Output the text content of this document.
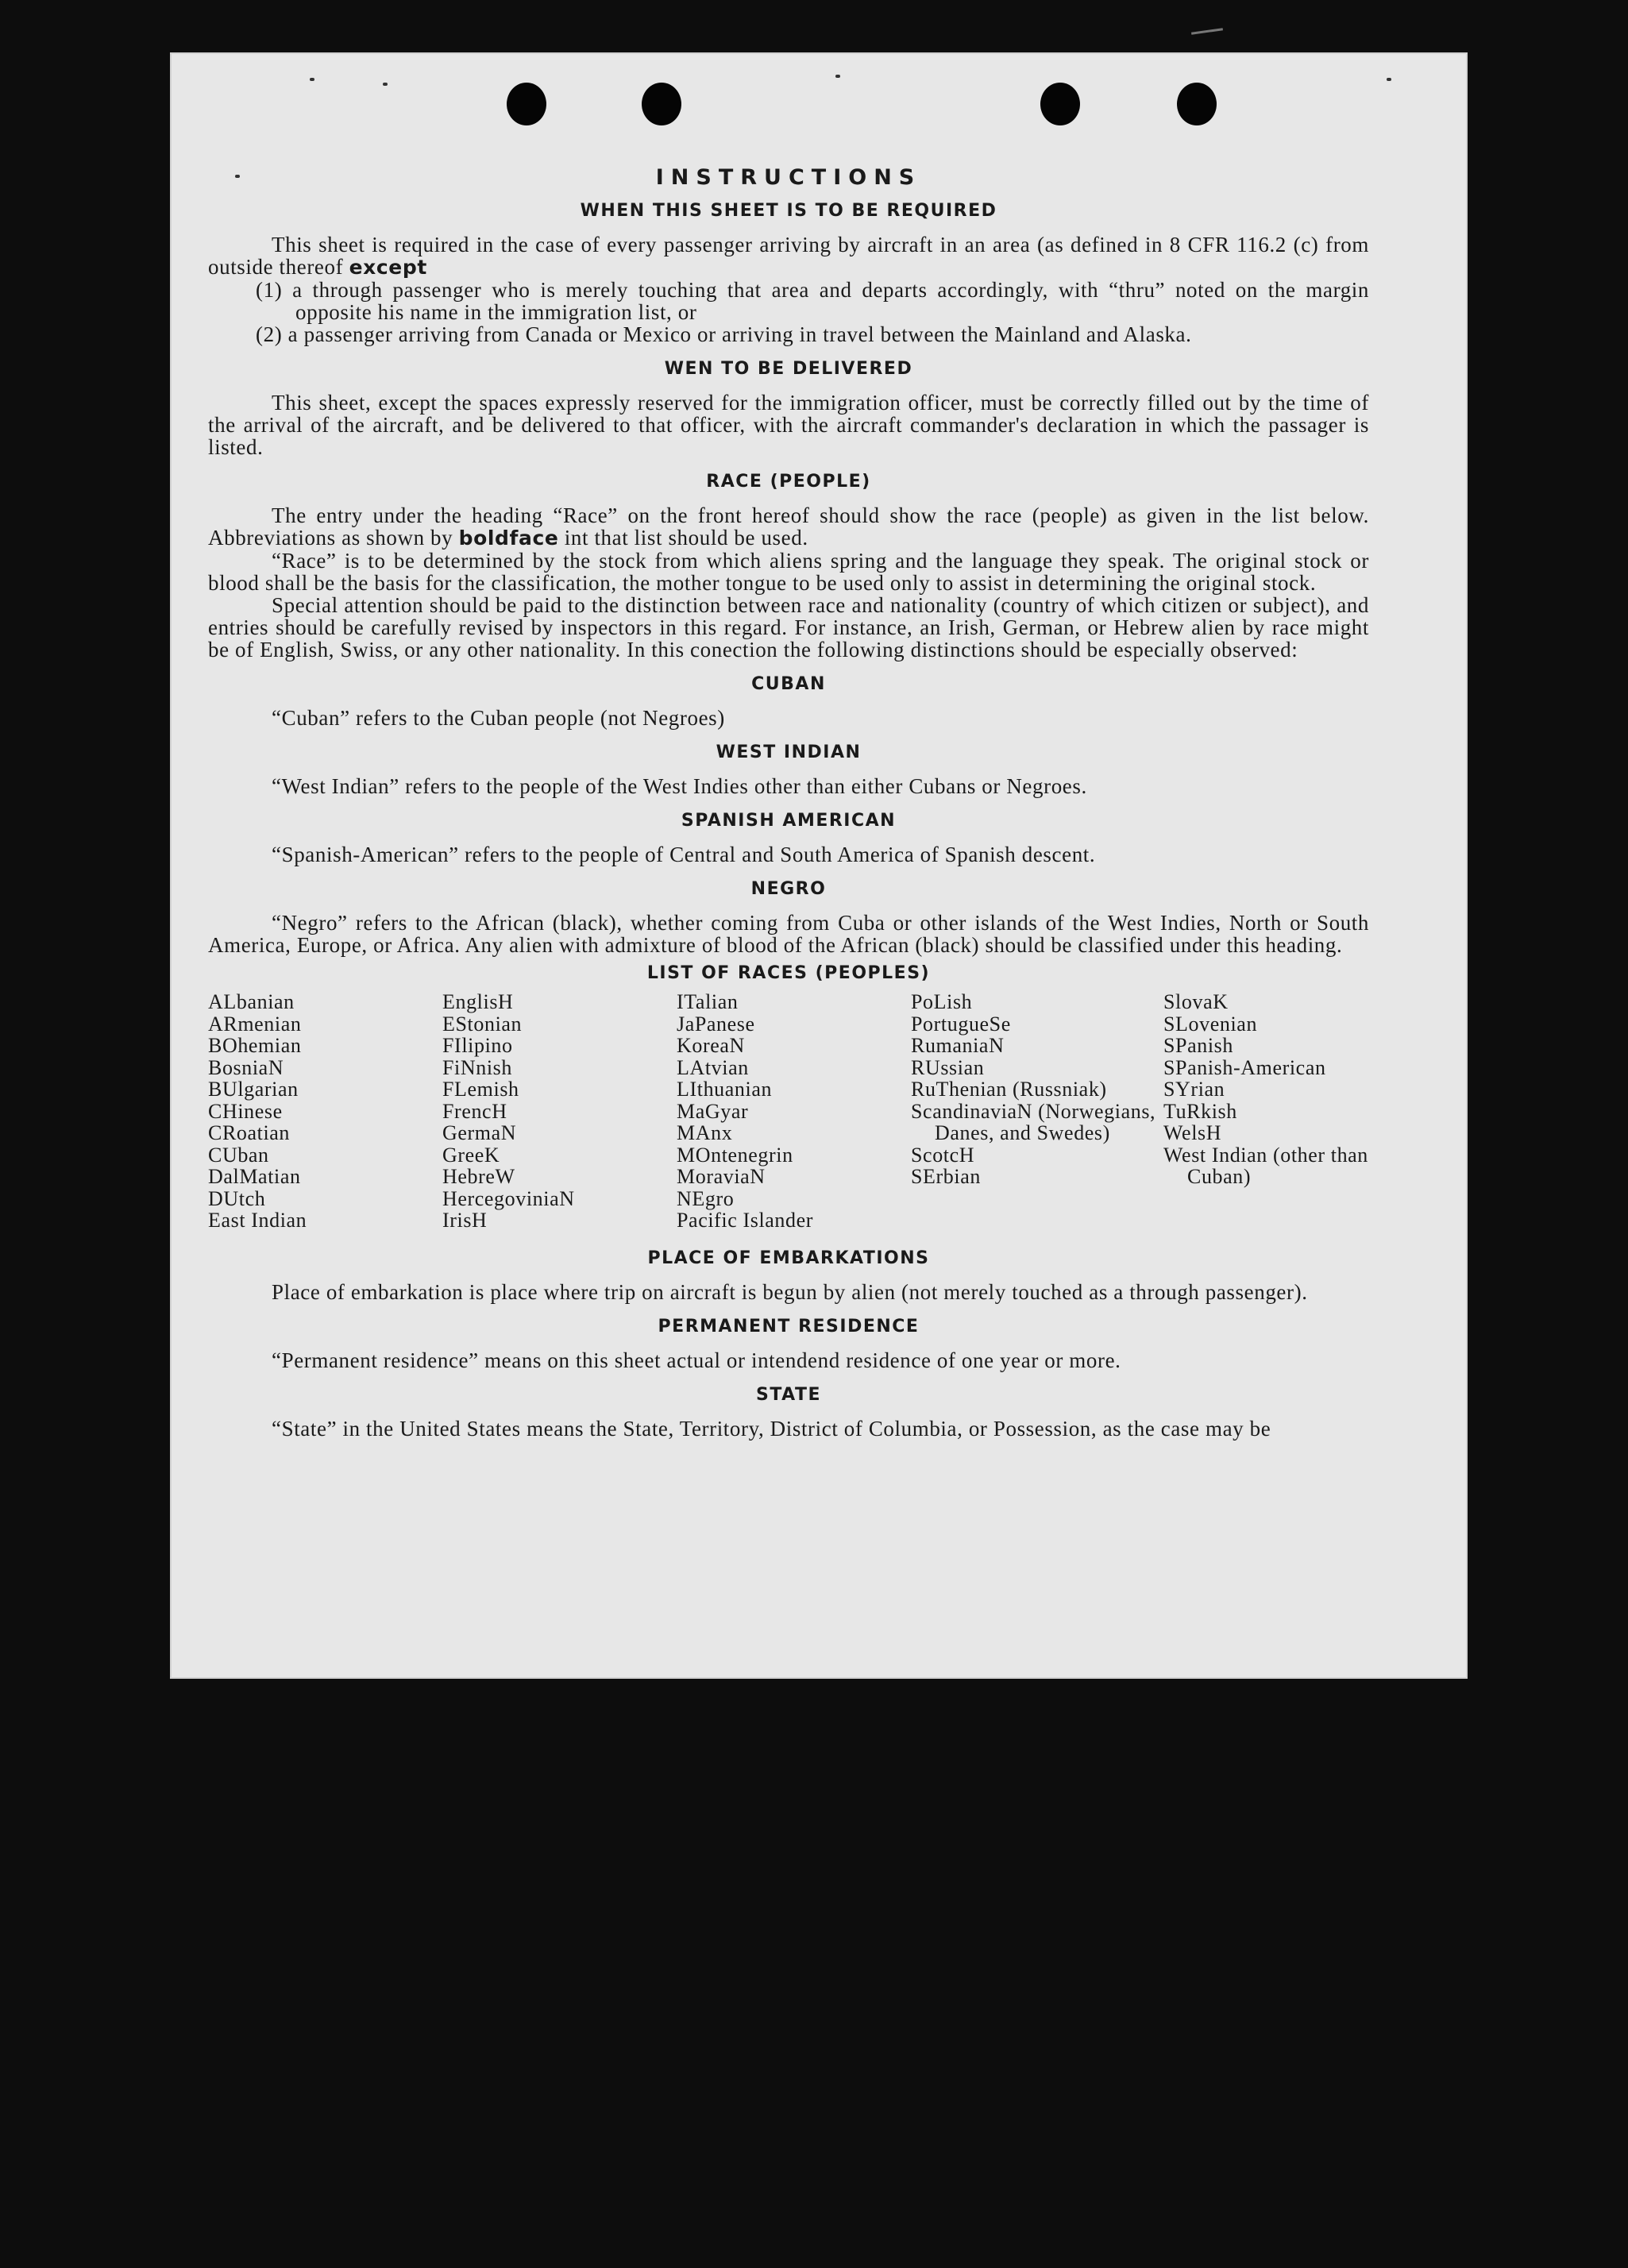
INSTRUCTIONS
WHEN THIS SHEET IS TO BE REQUIRED

This sheet is required in the case of every passenger arriving by aircraft in an area (as defined in 8 CFR 116.2 (c) from outside thereof except

(1) a through passenger who is merely touching that area and departs accordingly, with “thru” noted on the margin opposite his name in the immigration list, or

(2) a passenger arriving from Canada or Mexico or arriving in travel between the Mainland and Alaska.

WEN TO BE DELIVERED

This sheet, except the spaces expressly reserved for the immigration officer, must be correctly filled out by the time of the arrival of the aircraft, and be delivered to that officer, with the aircraft commander's declaration in which the passager is listed.

RACE (PEOPLE)

The entry under the heading “Race” on the front hereof should show the race (people) as given in the list below. Abbreviations as shown by boldface int that list should be used.

“Race” is to be determined by the stock from which aliens spring and the language they speak. The original stock or blood shall be the basis for the classification, the mother tongue to be used only to assist in determining the original stock.

Special attention should be paid to the distinction between race and nationality (country of which citizen or subject), and entries should be carefully revised by inspectors in this regard. For instance, an Irish, German, or Hebrew alien by race might be of English, Swiss, or any other nationality. In this conection the following distinctions should be especially observed:

CUBAN

“Cuban” refers to the Cuban people (not Negroes)

WEST INDIAN

“West Indian” refers to the people of the West Indies other than either Cubans or Negroes.

SPANISH AMERICAN

“Spanish-American” refers to the people of Central and South America of Spanish descent.

NEGRO

“Negro” refers to the African (black), whether coming from Cuba or other islands of the West Indies, North or South America, Europe, or Africa. Any alien with admixture of blood of the African (black) should be classified under this heading.

LIST OF RACES (PEOPLES)
ALbanian
ARmenian
BOhemian
BosniaN
BUlgarian
CHinese
CRoatian
CUban
DalMatian
DUtch
East Indian
EnglisH
EStonian
FIlipino
FiNnish
FLemish
FrencH
GermaN
GreeK
HebreW
HercegoviniaN
IrisH
ITalian
JaPanese
KoreaN
LAtvian
LIthuanian
MaGyar
MAnx
MOntenegrin
MoraviaN
NEgro
Pacific Islander
PoLish
PortugueSe
RumaniaN
RUssian
RuThenian (Russniak)
ScandinaviaN (Norwegians, Danes, and Swedes)
ScotcH
SErbian
SlovaK
SLovenian
SPanish
SPanish-American
SYrian
TuRkish
WelsH
West Indian (other than Cuban)
PLACE OF EMBARKATIONS

Place of embarkation is place where trip on aircraft is begun by alien (not merely touched as a through passenger).

PERMANENT RESIDENCE

“Permanent residence” means on this sheet actual or intendend residence of one year or more.

STATE

“State” in the United States means the State, Territory, District of Columbia, or Possession, as the case may be
